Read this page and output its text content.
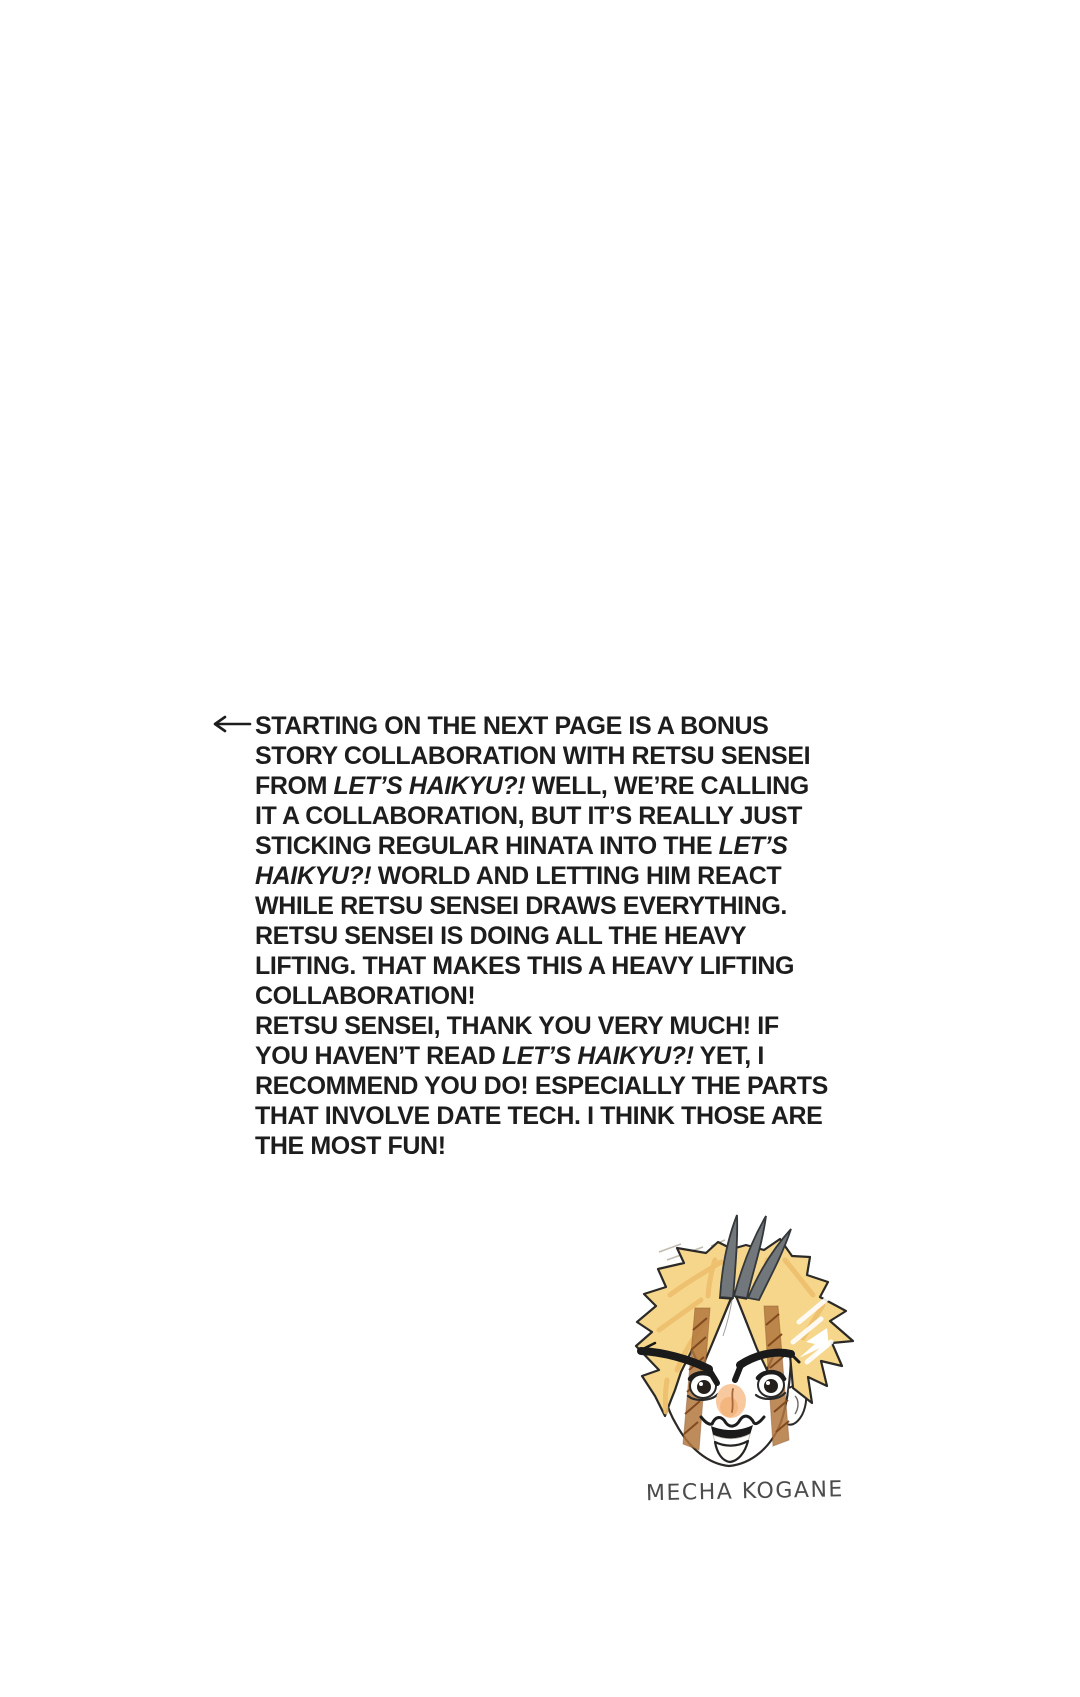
STARTING ON THE NEXT PAGE IS A BONUS
STORY COLLABORATION WITH RETSU SENSEI
FROM LET’S HAIKYU?! WELL, WE’RE CALLING
IT A COLLABORATION, BUT IT’S REALLY JUST
STICKING REGULAR HINATA INTO THE LET’S
HAIKYU?! WORLD AND LETTING HIM REACT
WHILE RETSU SENSEI DRAWS EVERYTHING.
RETSU SENSEI IS DOING ALL THE HEAVY
LIFTING. THAT MAKES THIS A HEAVY LIFTING
COLLABORATION!
RETSU SENSEI, THANK YOU VERY MUCH! IF
YOU HAVEN’T READ LET’S HAIKYU?! YET, I
RECOMMEND YOU DO! ESPECIALLY THE PARTS
THAT INVOLVE DATE TECH. I THINK THOSE ARE
THE MOST FUN!
MECHA KOGANE
